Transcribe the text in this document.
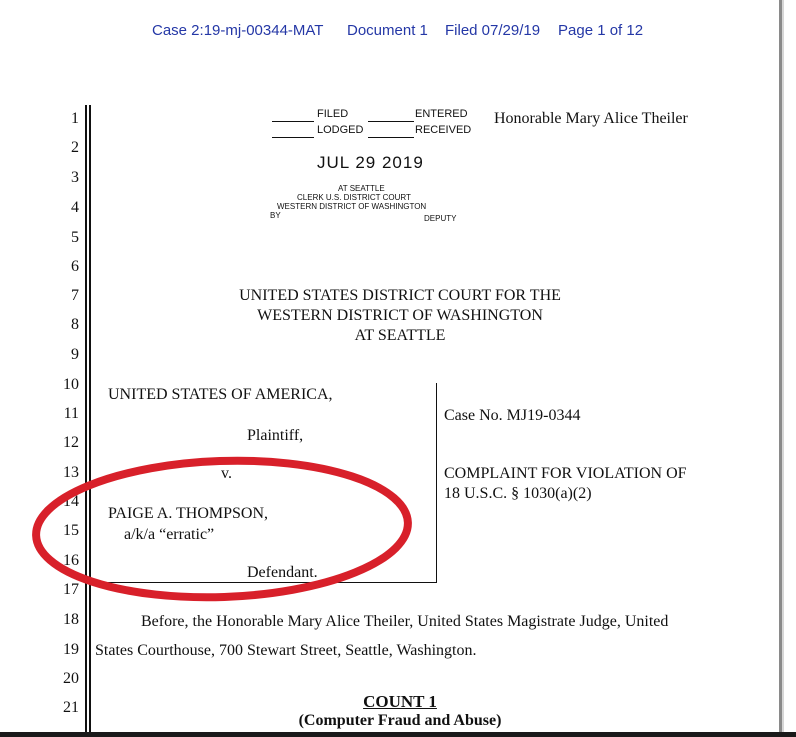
Case 2:19-mj-00344-MAT Document 1 Filed 07/29/19 Page 1 of 12
1
2
3
4
5
6
7
8
9
10
11
12
13
14
15
16
17
18
19
20
21
FILED	ENTERED
LODGED	RECEIVED
JUL 29 2019
AT SEATTLE
CLERK U.S. DISTRICT COURT
WESTERN DISTRICT OF WASHINGTON
BY	DEPUTY
Honorable Mary Alice Theiler
UNITED STATES DISTRICT COURT FOR THE
WESTERN DISTRICT OF WASHINGTON
AT SEATTLE
UNITED STATES OF AMERICA,
Plaintiff,
v.
PAIGE A. THOMPSON,
a/k/a “erratic”
Defendant.
Case No. MJ19-0344
COMPLAINT FOR VIOLATION OF
18 U.S.C. § 1030(a)(2)
Before, the Honorable Mary Alice Theiler, United States Magistrate Judge, United
States Courthouse, 700 Stewart Street, Seattle, Washington.
COUNT 1
(Computer Fraud and Abuse)
